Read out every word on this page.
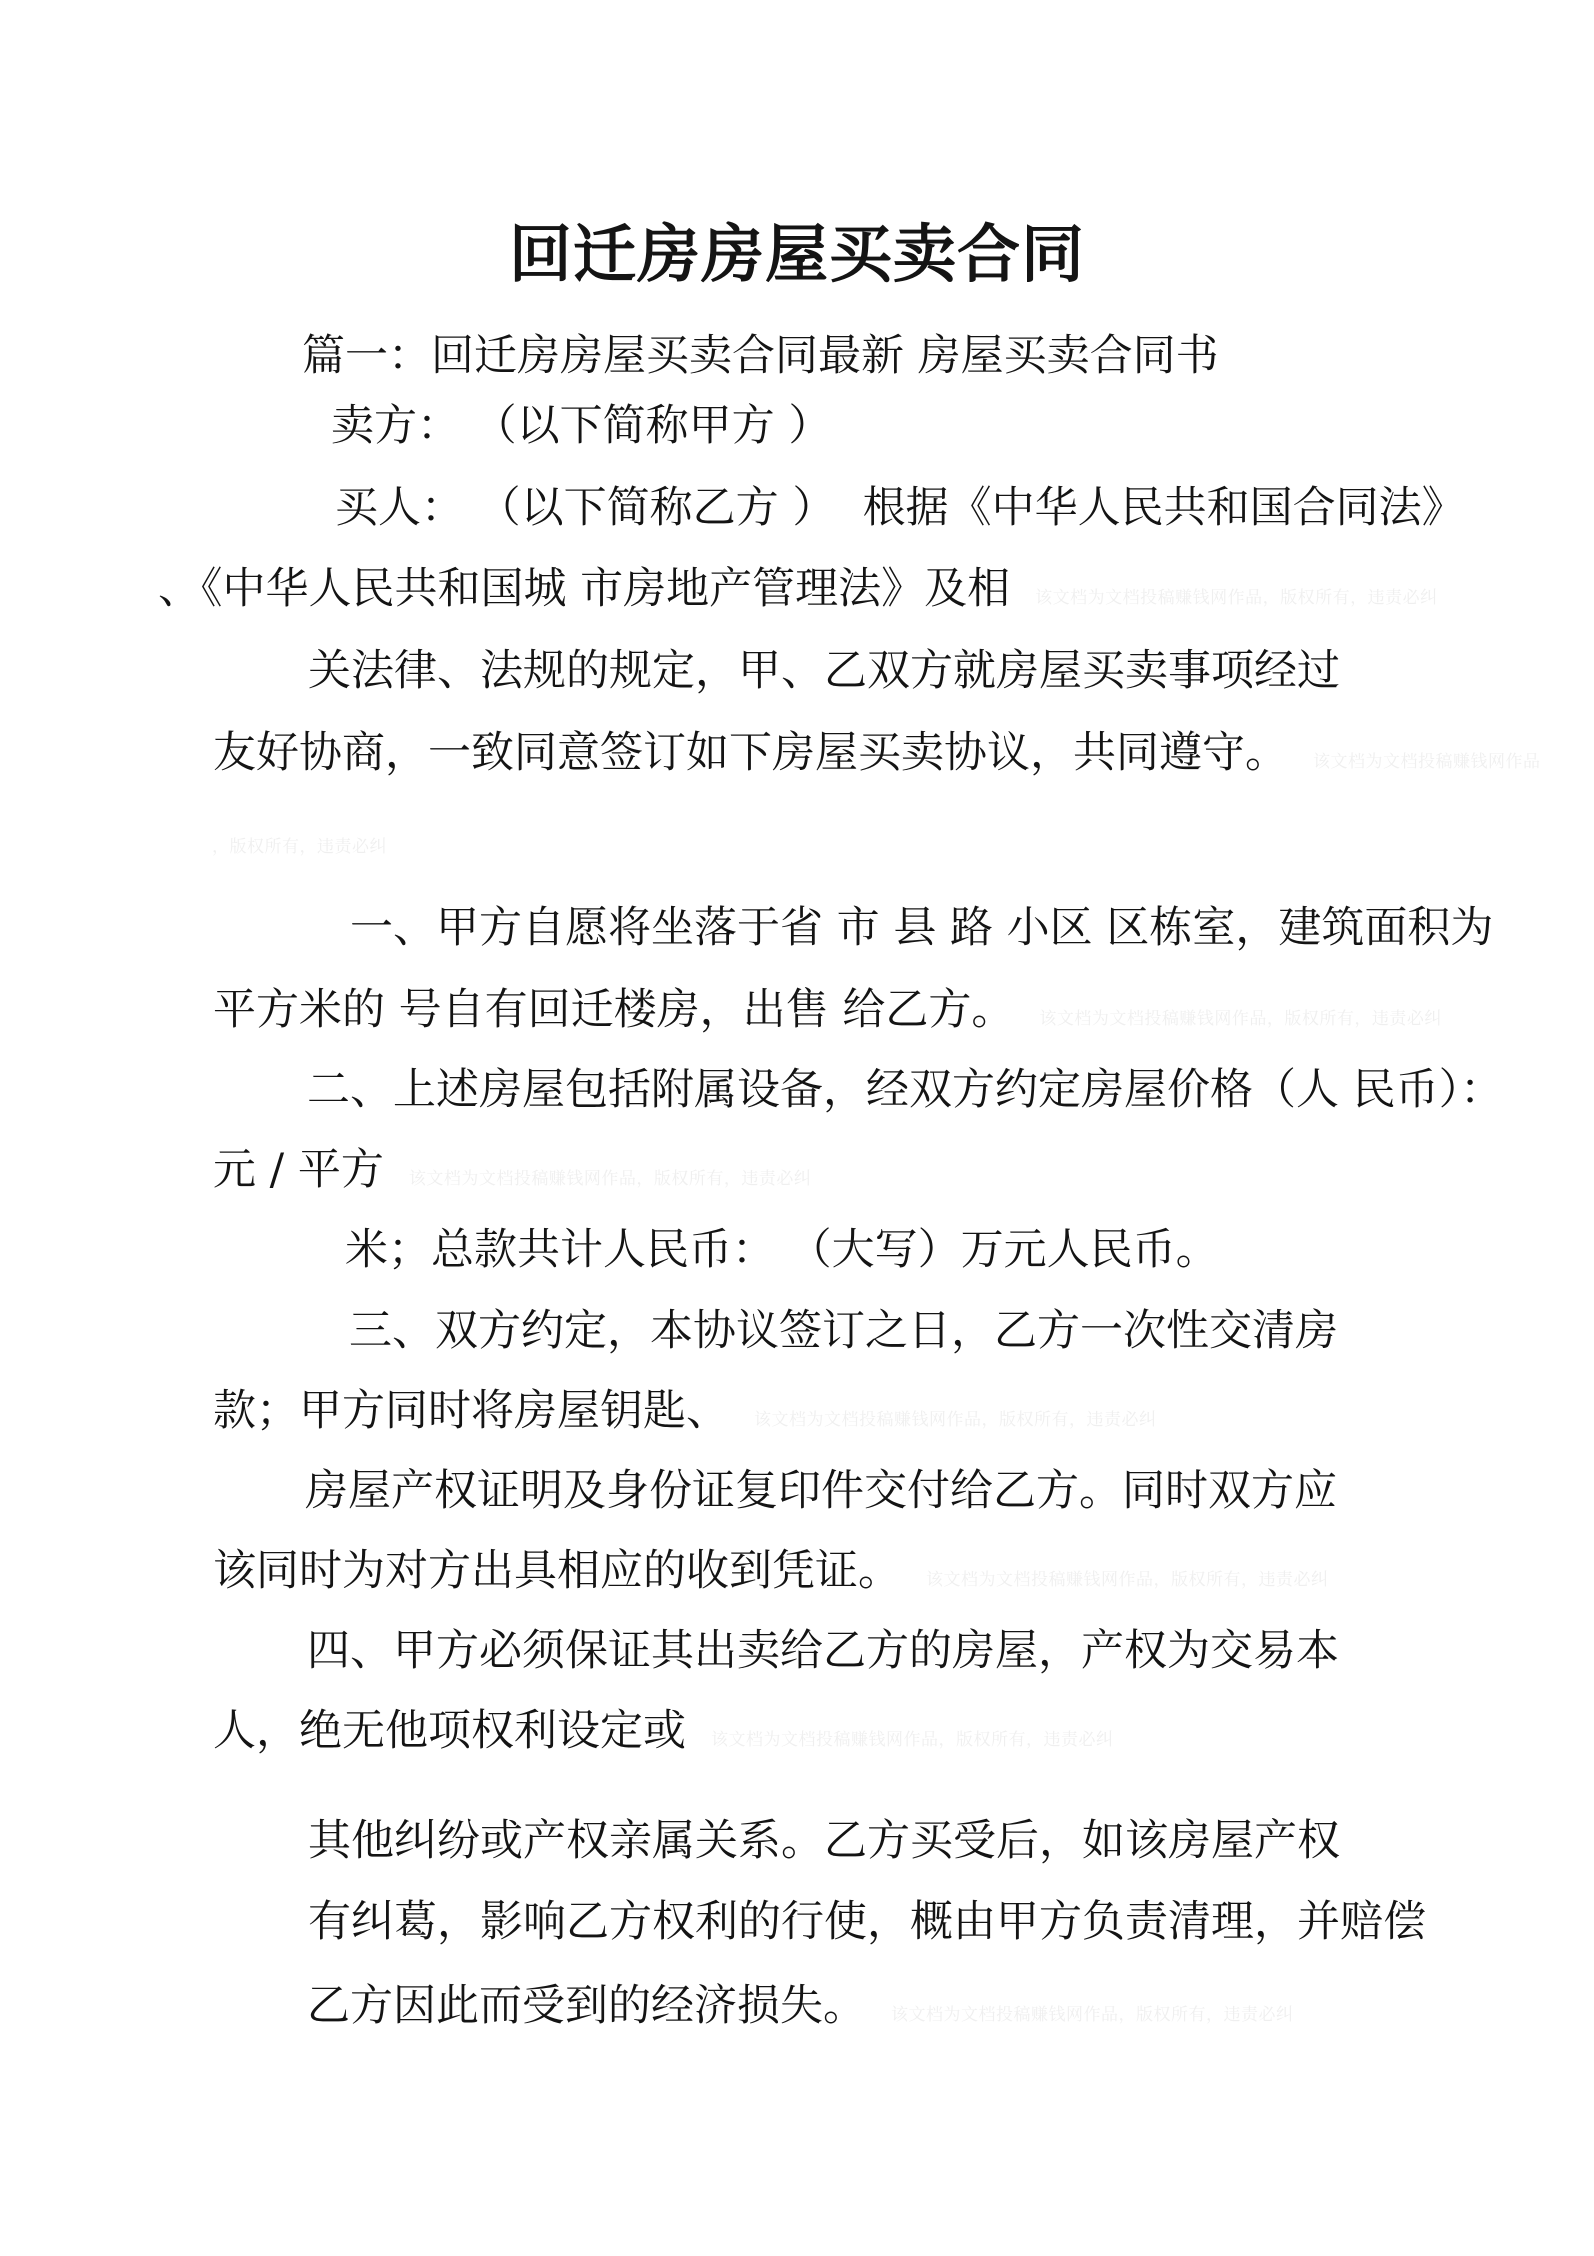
回迁房房屋买卖合同

篇一：回迁房房屋买卖合同最新 房屋买卖合同书

卖方： （以下简称甲方 ）

买人： （以下简称乙方 ）  根据《中华人民共和国合同法》

、《中华人民共和国城 市房地产管理法》及相 该文档为文档投稿赚钱网作品，版权所有，违责必纠

关法律、法规的规定，甲、乙双方就房屋买卖事项经过

友好协商，一致同意签订如下房屋买卖协议，共同遵守。 该文档为文档投稿赚钱网作品

一、甲方自愿将坐落于省 市 县 路 小区 区栋室，建筑面积为

平方米的 号自有回迁楼房，出售 给乙方。 该文档为文档投稿赚钱网作品，版权所有，违责必纠

二、上述房屋包括附属设备，经双方约定房屋价格（人 民币）：

元 / 平方 该文档为文档投稿赚钱网作品，版权所有，违责必纠

米；总款共计人民币： （大写）万元人民币。

三、双方约定，本协议签订之日，乙方一次性交清房

款；甲方同时将房屋钥匙、 该文档为文档投稿赚钱网作品，版权所有，违责必纠

房屋产权证明及身份证复印件交付给乙方。同时双方应

该同时为对方出具相应的收到凭证。 该文档为文档投稿赚钱网作品，版权所有，违责必纠

四、甲方必须保证其出卖给乙方的房屋，产权为交易本

人，绝无他项权利设定或 该文档为文档投稿赚钱网作品，版权所有，违责必纠

其他纠纷或产权亲属关系。乙方买受后，如该房屋产权

有纠葛，影响乙方权利的行使，概由甲方负责清理，并赔偿

乙方因此而受到的经济损失。 该文档为文档投稿赚钱网作品，版权所有，违责必纠

，版权所有，违责必纠
